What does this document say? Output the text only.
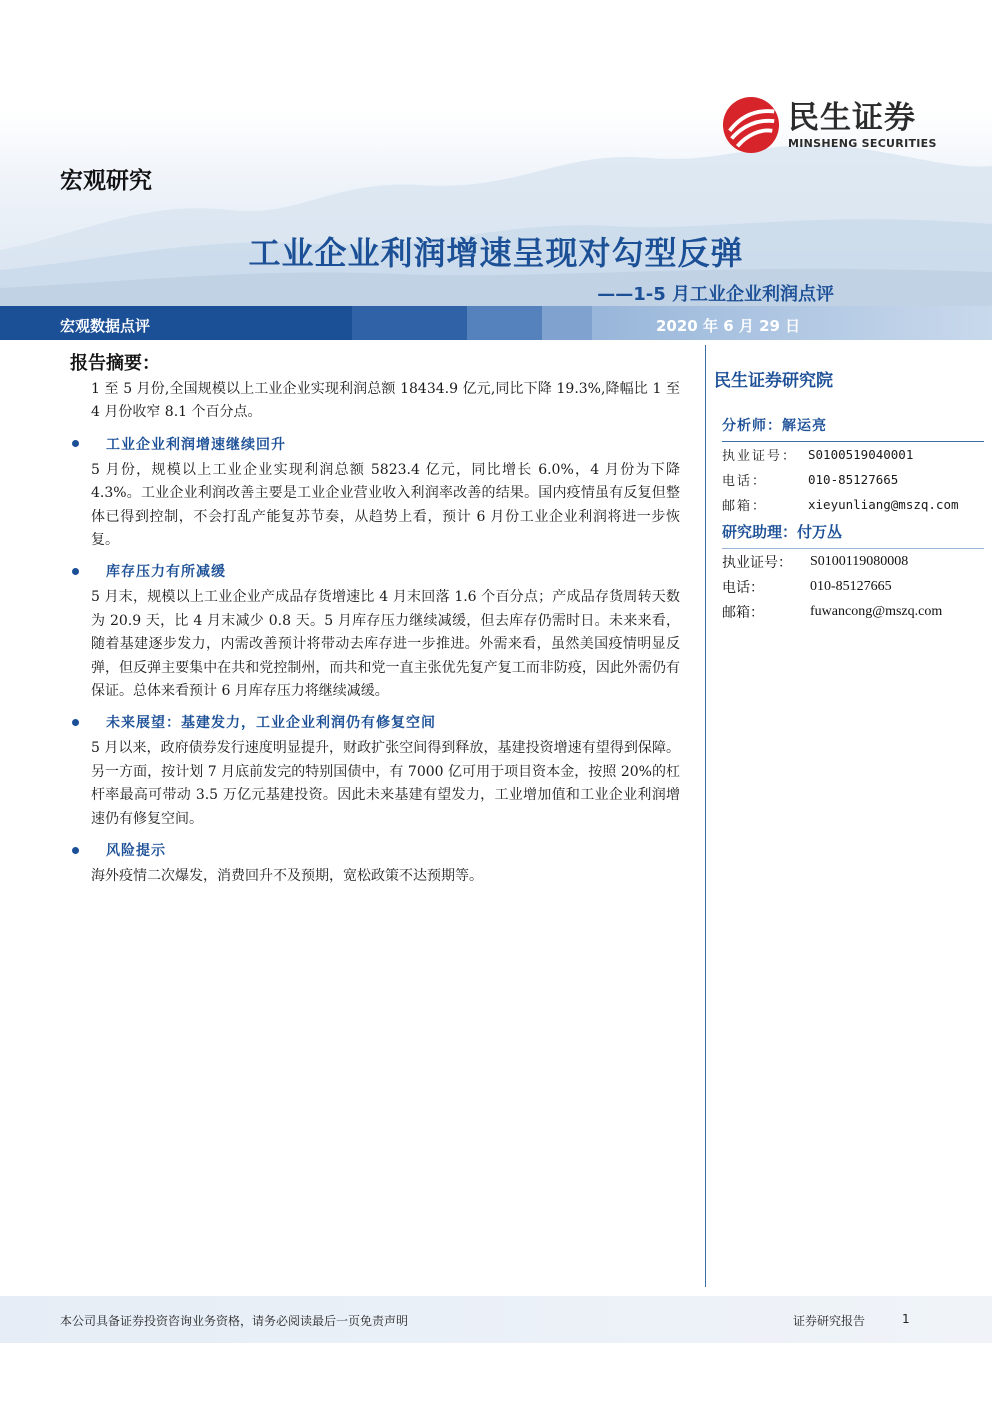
民生证券
MINSHENG SECURITIES
宏观研究
工业企业利润增速呈现对勾型反弹
——1-5 月工业企业利润点评
宏观数据点评	2020 年 6 月 29 日
报告摘要：

1 至 5 月份,全国规模以上工业企业实现利润总额 18434.9 亿元,同比下降 19.3%,降幅比 1 至 4 月份收窄 8.1 个百分点。

工业企业利润增速继续回升

5 月份，规模以上工业企业实现利润总额 5823.4 亿元，同比增长 6.0%，4 月份为下降 4.3%。工业企业利润改善主要是工业企业营业收入利润率改善的结果。国内疫情虽有反复但整体已得到控制，不会打乱产能复苏节奏，从趋势上看，预计 6 月份工业企业利润将进一步恢复。

库存压力有所减缓

5 月末，规模以上工业企业产成品存货增速比 4 月末回落 1.6 个百分点；产成品存货周转天数为 20.9 天，比 4 月末减少 0.8 天。5 月库存压力继续减缓，但去库存仍需时日。未来来看，随着基建逐步发力，内需改善预计将带动去库存进一步推进。外需来看，虽然美国疫情明显反弹，但反弹主要集中在共和党控制州，而共和党一直主张优先复产复工而非防疫，因此外需仍有保证。总体来看预计 6 月库存压力将继续减缓。

未来展望：基建发力，工业企业利润仍有修复空间

5 月以来，政府债券发行速度明显提升，财政扩张空间得到释放，基建投资增速有望得到保障。另一方面，按计划 7 月底前发完的特别国债中，有 7000 亿可用于项目资本金，按照 20%的杠杆率最高可带动 3.5 万亿元基建投资。因此未来基建有望发力，工业增加值和工业企业利润增速仍有修复空间。

风险提示

海外疫情二次爆发，消费回升不及预期，宽松政策不达预期等。

民生证券研究院
分析师：解运亮
执业证号： S0100519040001
电话：	010-85127665
邮箱：	xieyunliang@mszq.com
研究助理：付万丛
执业证号：	S0100119080008
电话：	010-85127665
邮箱：	fuwancong@mszq.com
本公司具备证券投资咨询业务资格，请务必阅读最后一页免责声明	证券研究报告	1
